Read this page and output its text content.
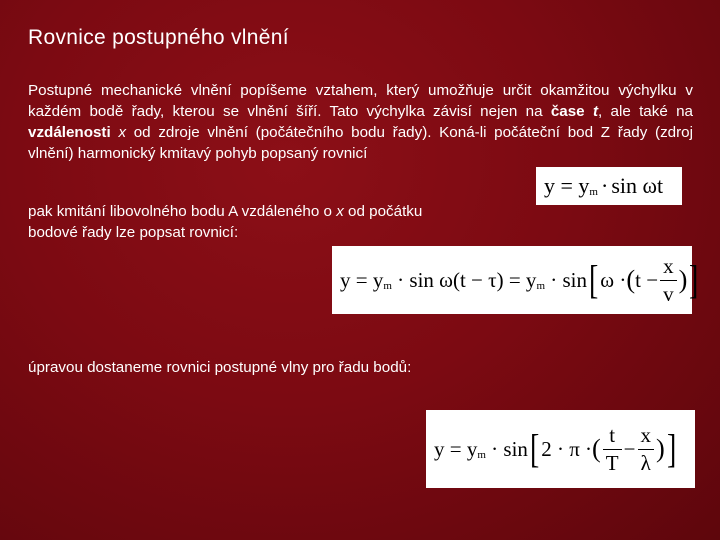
Rovnice postupného vlnění
Postupné mechanické vlnění popíšeme vztahem, který umožňuje určit okamžitou výchylku v každém bodě řady, kterou se vlnění šíří. Tato výchylka závisí nejen na čase t, ale také na vzdálenosti x od zdroje vlnění (počátečního bodu řady). Koná-li počáteční bod Z řady (zdroj vlnění) harmonický kmitavý pohyb popsaný rovnicí
y
= y m · sin ωt
pak kmitání libovolného bodu A vzdáleného o x od počátku bodové řady lze popsat rovnicí:
y = y m
· sin ω(t − τ) = y m
· sin [ ω · ( $t - \frac{x}{v}$ ) ]
úpravou dostaneme rovnici postupné vlny pro řadu bodů:
y = y m
· sin [ 2 · π · ( $\frac{t}{T} - \frac{x}{\lambda}$ ) ]
